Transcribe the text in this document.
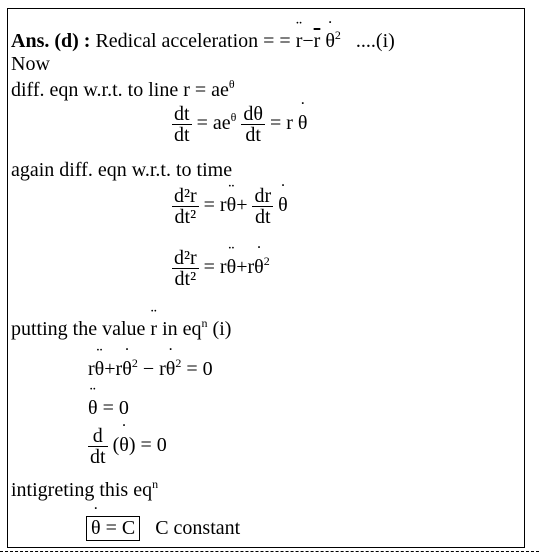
Ans. (d) : Redical acceleration = = ¨ $r-\overline{r}$ ˙ $\theta^2$ ....(i)
Now
diff. eqn w.r.t. to line $r = ae^\theta$
$\frac{dt}{dt} = ae^\theta \frac{d\theta}{dt} = r$ ˙ θ
again diff. eqn w.r.t. to time
$\frac{\text{d²r}}{\text{dt²}}$ = r¨ $\theta+ \frac{dr}{dt}$ ˙ θ
$\frac{\text{d²r}}{\text{dt²}}$ = r¨ θ+r˙ $\theta^2$
putting the value ¨ r in $eq^n$ (i)
r¨ θ+r˙ $\theta^2$ − r˙ $\theta^2 = 0$
¨ θ = 0
$\frac{d}{dt}$ (˙ θ) = 0
intigreting this $eq^n$
˙ θ = C C constant
